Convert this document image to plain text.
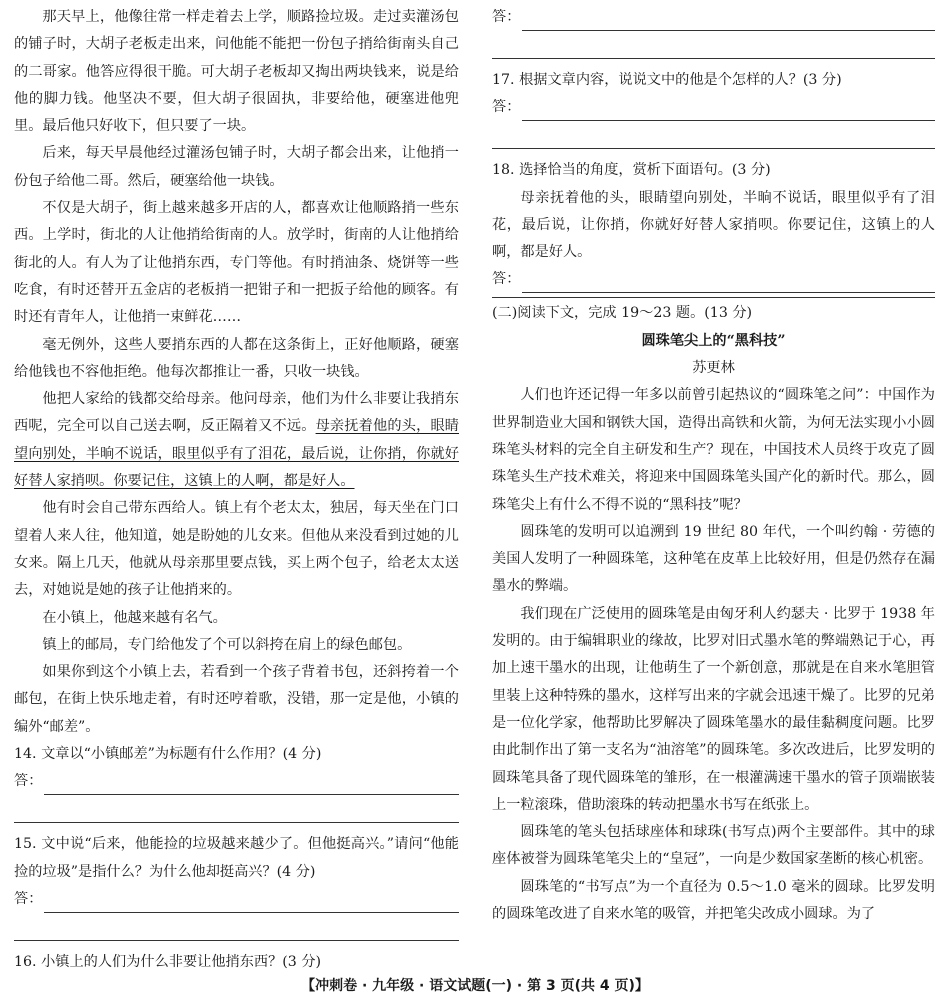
那天早上，他像往常一样走着去上学，顺路捡垃圾。走过卖灌汤包的铺子时，大胡子老板走出来，问他能不能把一份包子捎给街南头自己的二哥家。他答应得很干脆。可大胡子老板却又掏出两块钱来，说是给他的脚力钱。他坚决不要，但大胡子很固执，非要给他，硬塞进他兜里。最后他只好收下，但只要了一块。

后来，每天早晨他经过灌汤包铺子时，大胡子都会出来，让他捎一份包子给他二哥。然后，硬塞给他一块钱。

不仅是大胡子，街上越来越多开店的人，都喜欢让他顺路捎一些东西。上学时，街北的人让他捎给街南的人。放学时，街南的人让他捎给街北的人。有人为了让他捎东西，专门等他。有时捎油条、烧饼等一些吃食，有时还替开五金店的老板捎一把钳子和一把扳子给他的顾客。有时还有青年人，让他捎一束鲜花……

毫无例外，这些人要捎东西的人都在这条街上，正好他顺路，硬塞给他钱也不容他拒绝。他每次都推让一番，只收一块钱。

他把人家给的钱都交给母亲。他问母亲，他们为什么非要让我捎东西呢，完全可以自己送去啊，反正隔着又不远。母亲抚着他的头，眼睛望向别处，半晌不说话，眼里似乎有了泪花，最后说，让你捎，你就好好替人家捎呗。你要记住，这镇上的人啊，都是好人。

他有时会自己带东西给人。镇上有个老太太，独居，每天坐在门口望着人来人往，他知道，她是盼她的儿女来。但他从来没看到过她的儿女来。隔上几天，他就从母亲那里要点钱，买上两个包子，给老太太送去，对她说是她的孩子让他捎来的。

在小镇上，他越来越有名气。

镇上的邮局，专门给他发了个可以斜挎在肩上的绿色邮包。

如果你到这个小镇上去，若看到一个孩子背着书包，还斜挎着一个邮包，在街上快乐地走着，有时还哼着歌，没错，那一定是他，小镇的编外“邮差”。

14. 文章以“小镇邮差”为标题有什么作用？(4 分)

答：

15. 文中说“后来，他能捡的垃圾越来越少了。但他挺高兴。”请问“他能捡的垃圾”是指什么？为什么他却挺高兴？(4 分)

答：

16. 小镇上的人们为什么非要让他捎东西？(3 分)

答：

17. 根据文章内容，说说文中的他是个怎样的人？(3 分)

答：

18. 选择恰当的角度，赏析下面语句。(3 分)

母亲抚着他的头，眼睛望向别处，半晌不说话，眼里似乎有了泪花，最后说，让你捎，你就好好替人家捎呗。你要记住，这镇上的人啊，都是好人。

答：

(二)阅读下文，完成 19～23 题。(13 分)

圆珠笔尖上的“黑科技”

苏更林

人们也许还记得一年多以前曾引起热议的“圆珠笔之问”：中国作为世界制造业大国和钢铁大国，造得出高铁和火箭，为何无法实现小小圆珠笔头材料的完全自主研发和生产？现在，中国技术人员终于攻克了圆珠笔头生产技术难关，将迎来中国圆珠笔头国产化的新时代。那么，圆珠笔尖上有什么不得不说的“黑科技”呢？

圆珠笔的发明可以追溯到 19 世纪 80 年代，一个叫约翰 · 劳德的美国人发明了一种圆珠笔，这种笔在皮革上比较好用，但是仍然存在漏墨水的弊端。

我们现在广泛使用的圆珠笔是由匈牙利人约瑟夫 · 比罗于 1938 年发明的。由于编辑职业的缘故，比罗对旧式墨水笔的弊端熟记于心，再加上速干墨水的出现，让他萌生了一个新创意，那就是在自来水笔胆管里装上这种特殊的墨水，这样写出来的字就会迅速干燥了。比罗的兄弟是一位化学家，他帮助比罗解决了圆珠笔墨水的最佳黏稠度问题。比罗由此制作出了第一支名为“油溶笔”的圆珠笔。多次改进后，比罗发明的圆珠笔具备了现代圆珠笔的雏形，在一根灌满速干墨水的管子顶端嵌装上一粒滚珠，借助滚珠的转动把墨水书写在纸张上。

圆珠笔的笔头包括球座体和球珠(书写点)两个主要部件。其中的球座体被誉为圆珠笔笔尖上的“皇冠”，一向是少数国家垄断的核心机密。

圆珠笔的“书写点”为一个直径为 0.5～1.0 毫米的圆球。比罗发明的圆珠笔改进了自来水笔的吸管，并把笔尖改成小圆球。为了

【冲刺卷 · 九年级 · 语文试题(一) · 第 3 页(共 4 页)】
